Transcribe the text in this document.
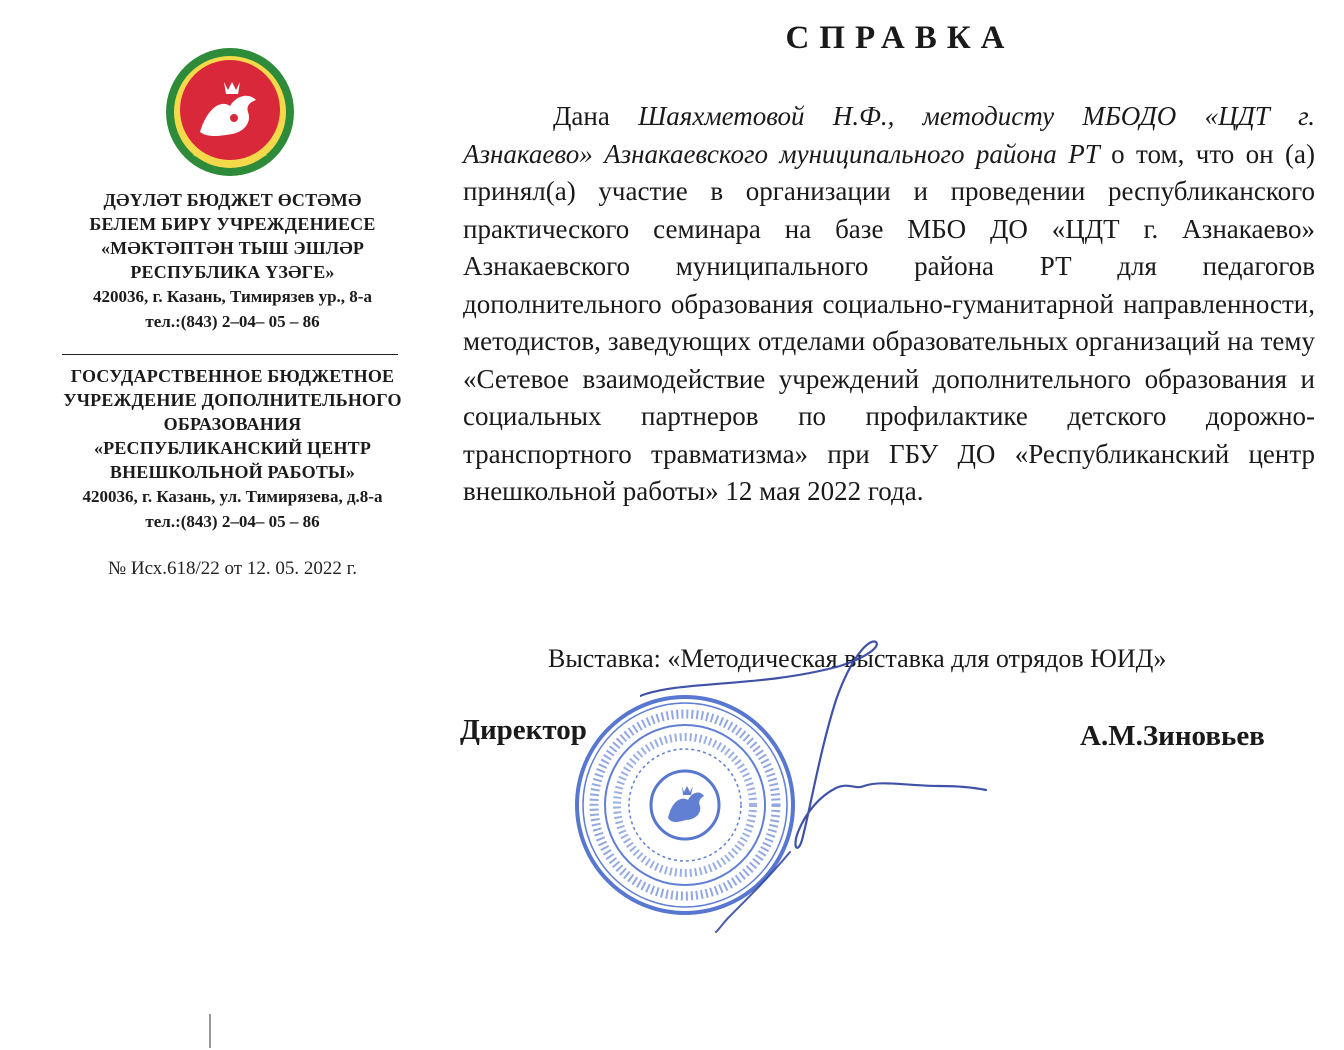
ДӘҮЛӘТ БЮДЖЕТ ӨСТӘМӘ
БЕЛЕМ БИРҮ УЧРЕЖДЕНИЕСЕ
«МӘКТӘПТӘН ТЫШ ЭШЛӘР
РЕСПУБЛИКА ҮЗӘГЕ»
420036, г. Казань, Тимирязев ур., 8-а
тел.:(843) 2–04– 05 – 86
ГОСУДАРСТВЕННОЕ БЮДЖЕТНОЕ
УЧРЕЖДЕНИЕ ДОПОЛНИТЕЛЬНОГО
ОБРАЗОВАНИЯ
«РЕСПУБЛИКАНСКИЙ ЦЕНТР
ВНЕШКОЛЬНОЙ РАБОТЫ»
420036, г. Казань, ул. Тимирязева, д.8-а
тел.:(843) 2–04– 05 – 86
№ Исх.618/22 от 12. 05. 2022 г.
СПРАВКА
Дана Шаяхметовой Н.Ф., методисту МБОДО «ЦДТ г. Азнакаево» Азнакаевского муниципального района РТ о том, что он (а) принял(а) участие в организации и проведении республиканского практического семинара на базе МБО ДО «ЦДТ г. Азнакаево» Азнакаевского муниципального района РТ для педагогов дополнительного образования социально-гуманитарной направленности, методистов, заведующих отделами образовательных организаций на тему «Сетевое взаимодействие учреждений дополнительного образования и социальных партнеров по профилактике детского дорожно-транспортного травматизма» при ГБУ ДО «Республиканский центр внешкольной работы» 12 мая 2022 года.
Выставка: «Методическая выставка для отрядов ЮИД»
Директор	А.М.Зиновьев
